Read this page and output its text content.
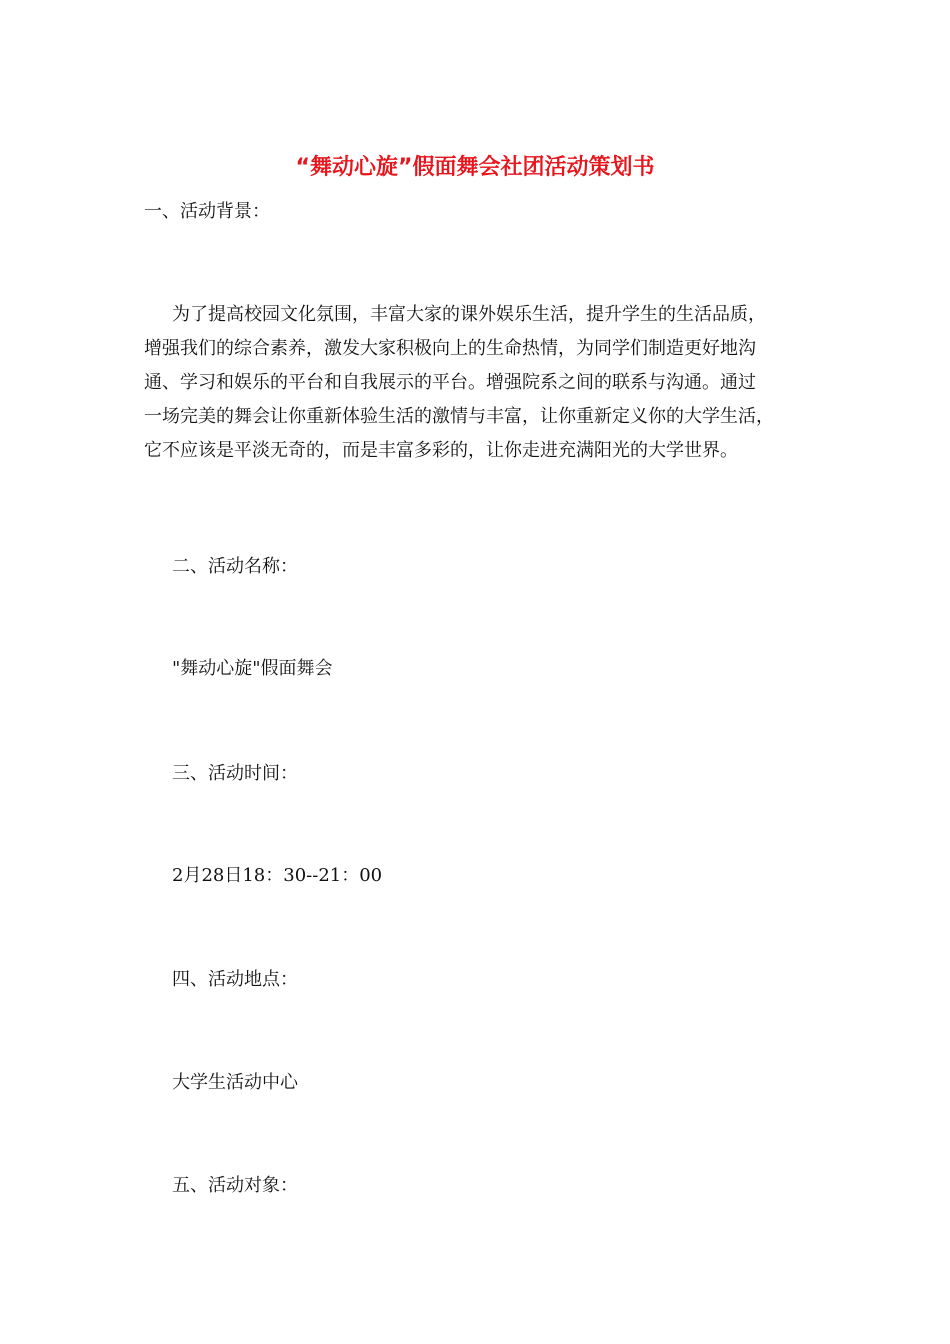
“舞动心旋”假面舞会社团活动策划书
一、活动背景：
为了提高校园文化氛围，丰富大家的课外娱乐生活，提升学生的生活品质，
增强我们的综合素养，激发大家积极向上的生命热情，为同学们制造更好地沟
通、学习和娱乐的平台和自我展示的平台。增强院系之间的联系与沟通。通过
一场完美的舞会让你重新体验生活的激情与丰富，让你重新定义你的大学生活，
它不应该是平淡无奇的，而是丰富多彩的，让你走进充满阳光的大学世界。
二、活动名称：
"舞动心旋"假面舞会
三、活动时间：
2月28日18：30--21：00
四、活动地点：
大学生活动中心
五、活动对象：
